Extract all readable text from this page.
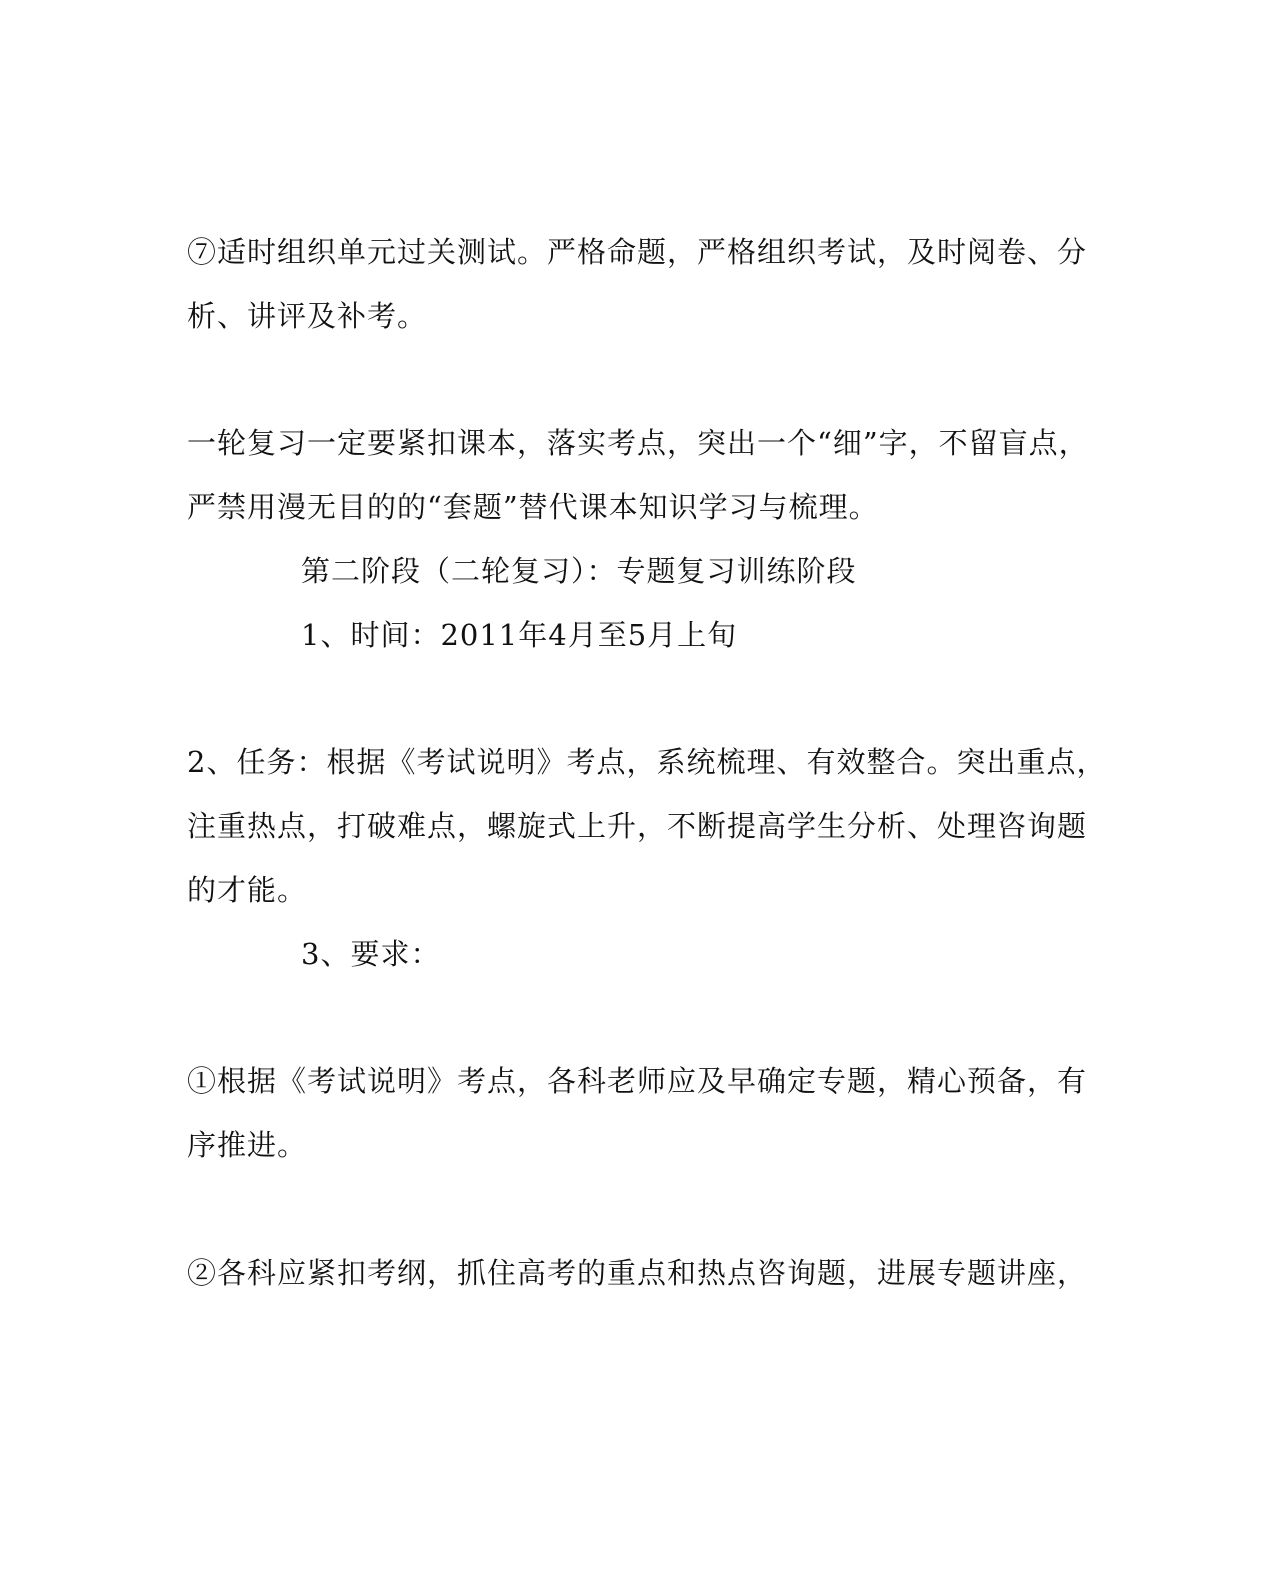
⑦适时组织单元过关测试。严格命题，严格组织考试，及时阅卷、分
析、讲评及补考。
一轮复习一定要紧扣课本，落实考点，突出一个“细”字，不留盲点，
严禁用漫无目的的“套题”替代课本知识学习与梳理。
第二阶段（二轮复习）：专题复习训练阶段
1、时间：2011年4月至5月上旬
2、任务：根据《考试说明》考点，系统梳理、有效整合。突出重点，
注重热点，打破难点，螺旋式上升，不断提高学生分析、处理咨询题
的才能。
3、要求：
①根据《考试说明》考点，各科老师应及早确定专题，精心预备，有
序推进。
②各科应紧扣考纲，抓住高考的重点和热点咨询题，进展专题讲座，
